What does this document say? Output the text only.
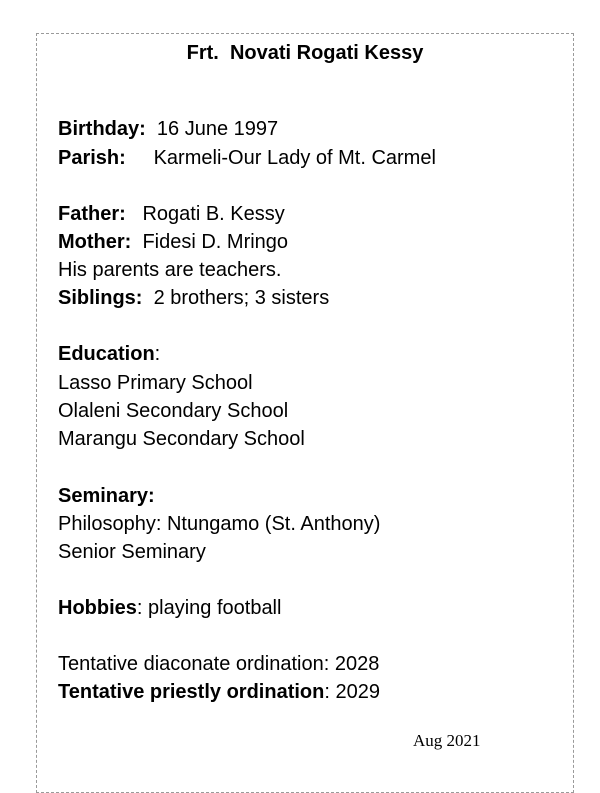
Frt.  Novati Rogati Kessy
Birthday:  16 June 1997
Parish:     Karmeli-Our Lady of Mt. Carmel
Father:   Rogati B. Kessy
Mother:  Fidesi D. Mringo
His parents are teachers.
Siblings:  2 brothers; 3 sisters
Education:
Lasso Primary School
Olaleni Secondary School
Marangu Secondary School
Seminary:
Philosophy: Ntungamo (St. Anthony)
Senior Seminary
Hobbies: playing football
Tentative diaconate ordination: 2028
Tentative priestly ordination: 2029
Aug 2021
